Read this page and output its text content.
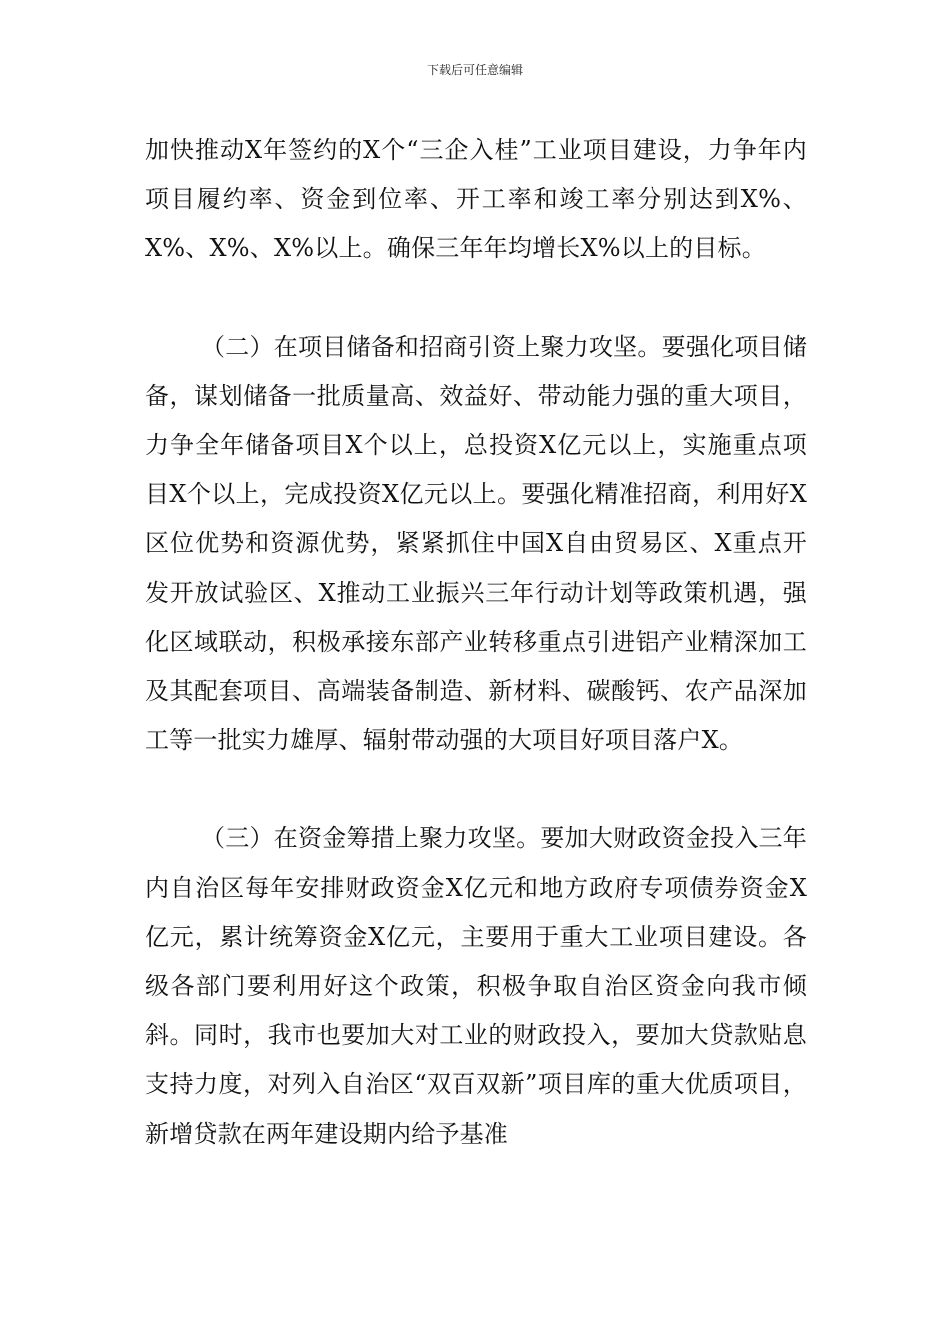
下载后可任意编辑

加快推动X年签约的X个“三企入桂”工业项目建设，力争年内项目履约率、资金到位率、开工率和竣工率分别达到X%、X%、X%、X%以上。确保三年年均增长X%以上的目标。

（二）在项目储备和招商引资上聚力攻坚。要强化项目储备，谋划储备一批质量高、效益好、带动能力强的重大项目，力争全年储备项目X个以上，总投资X亿元以上，实施重点项目X个以上，完成投资X亿元以上。要强化精准招商，利用好X区位优势和资源优势，紧紧抓住中国X自由贸易区、X重点开发开放试验区、X推动工业振兴三年行动计划等政策机遇，强化区域联动，积极承接东部产业转移重点引进铝产业精深加工及其配套项目、高端装备制造、新材料、碳酸钙、农产品深加工等一批实力雄厚、辐射带动强的大项目好项目落户X。

（三）在资金筹措上聚力攻坚。要加大财政资金投入三年内自治区每年安排财政资金X亿元和地方政府专项债券资金X亿元，累计统筹资金X亿元，主要用于重大工业项目建设。各级各部门要利用好这个政策，积极争取自治区资金向我市倾斜。同时，我市也要加大对工业的财政投入，要加大贷款贴息支持力度，对列入自治区“双百双新”项目库的重大优质项目，新增贷款在两年建设期内给予基准
